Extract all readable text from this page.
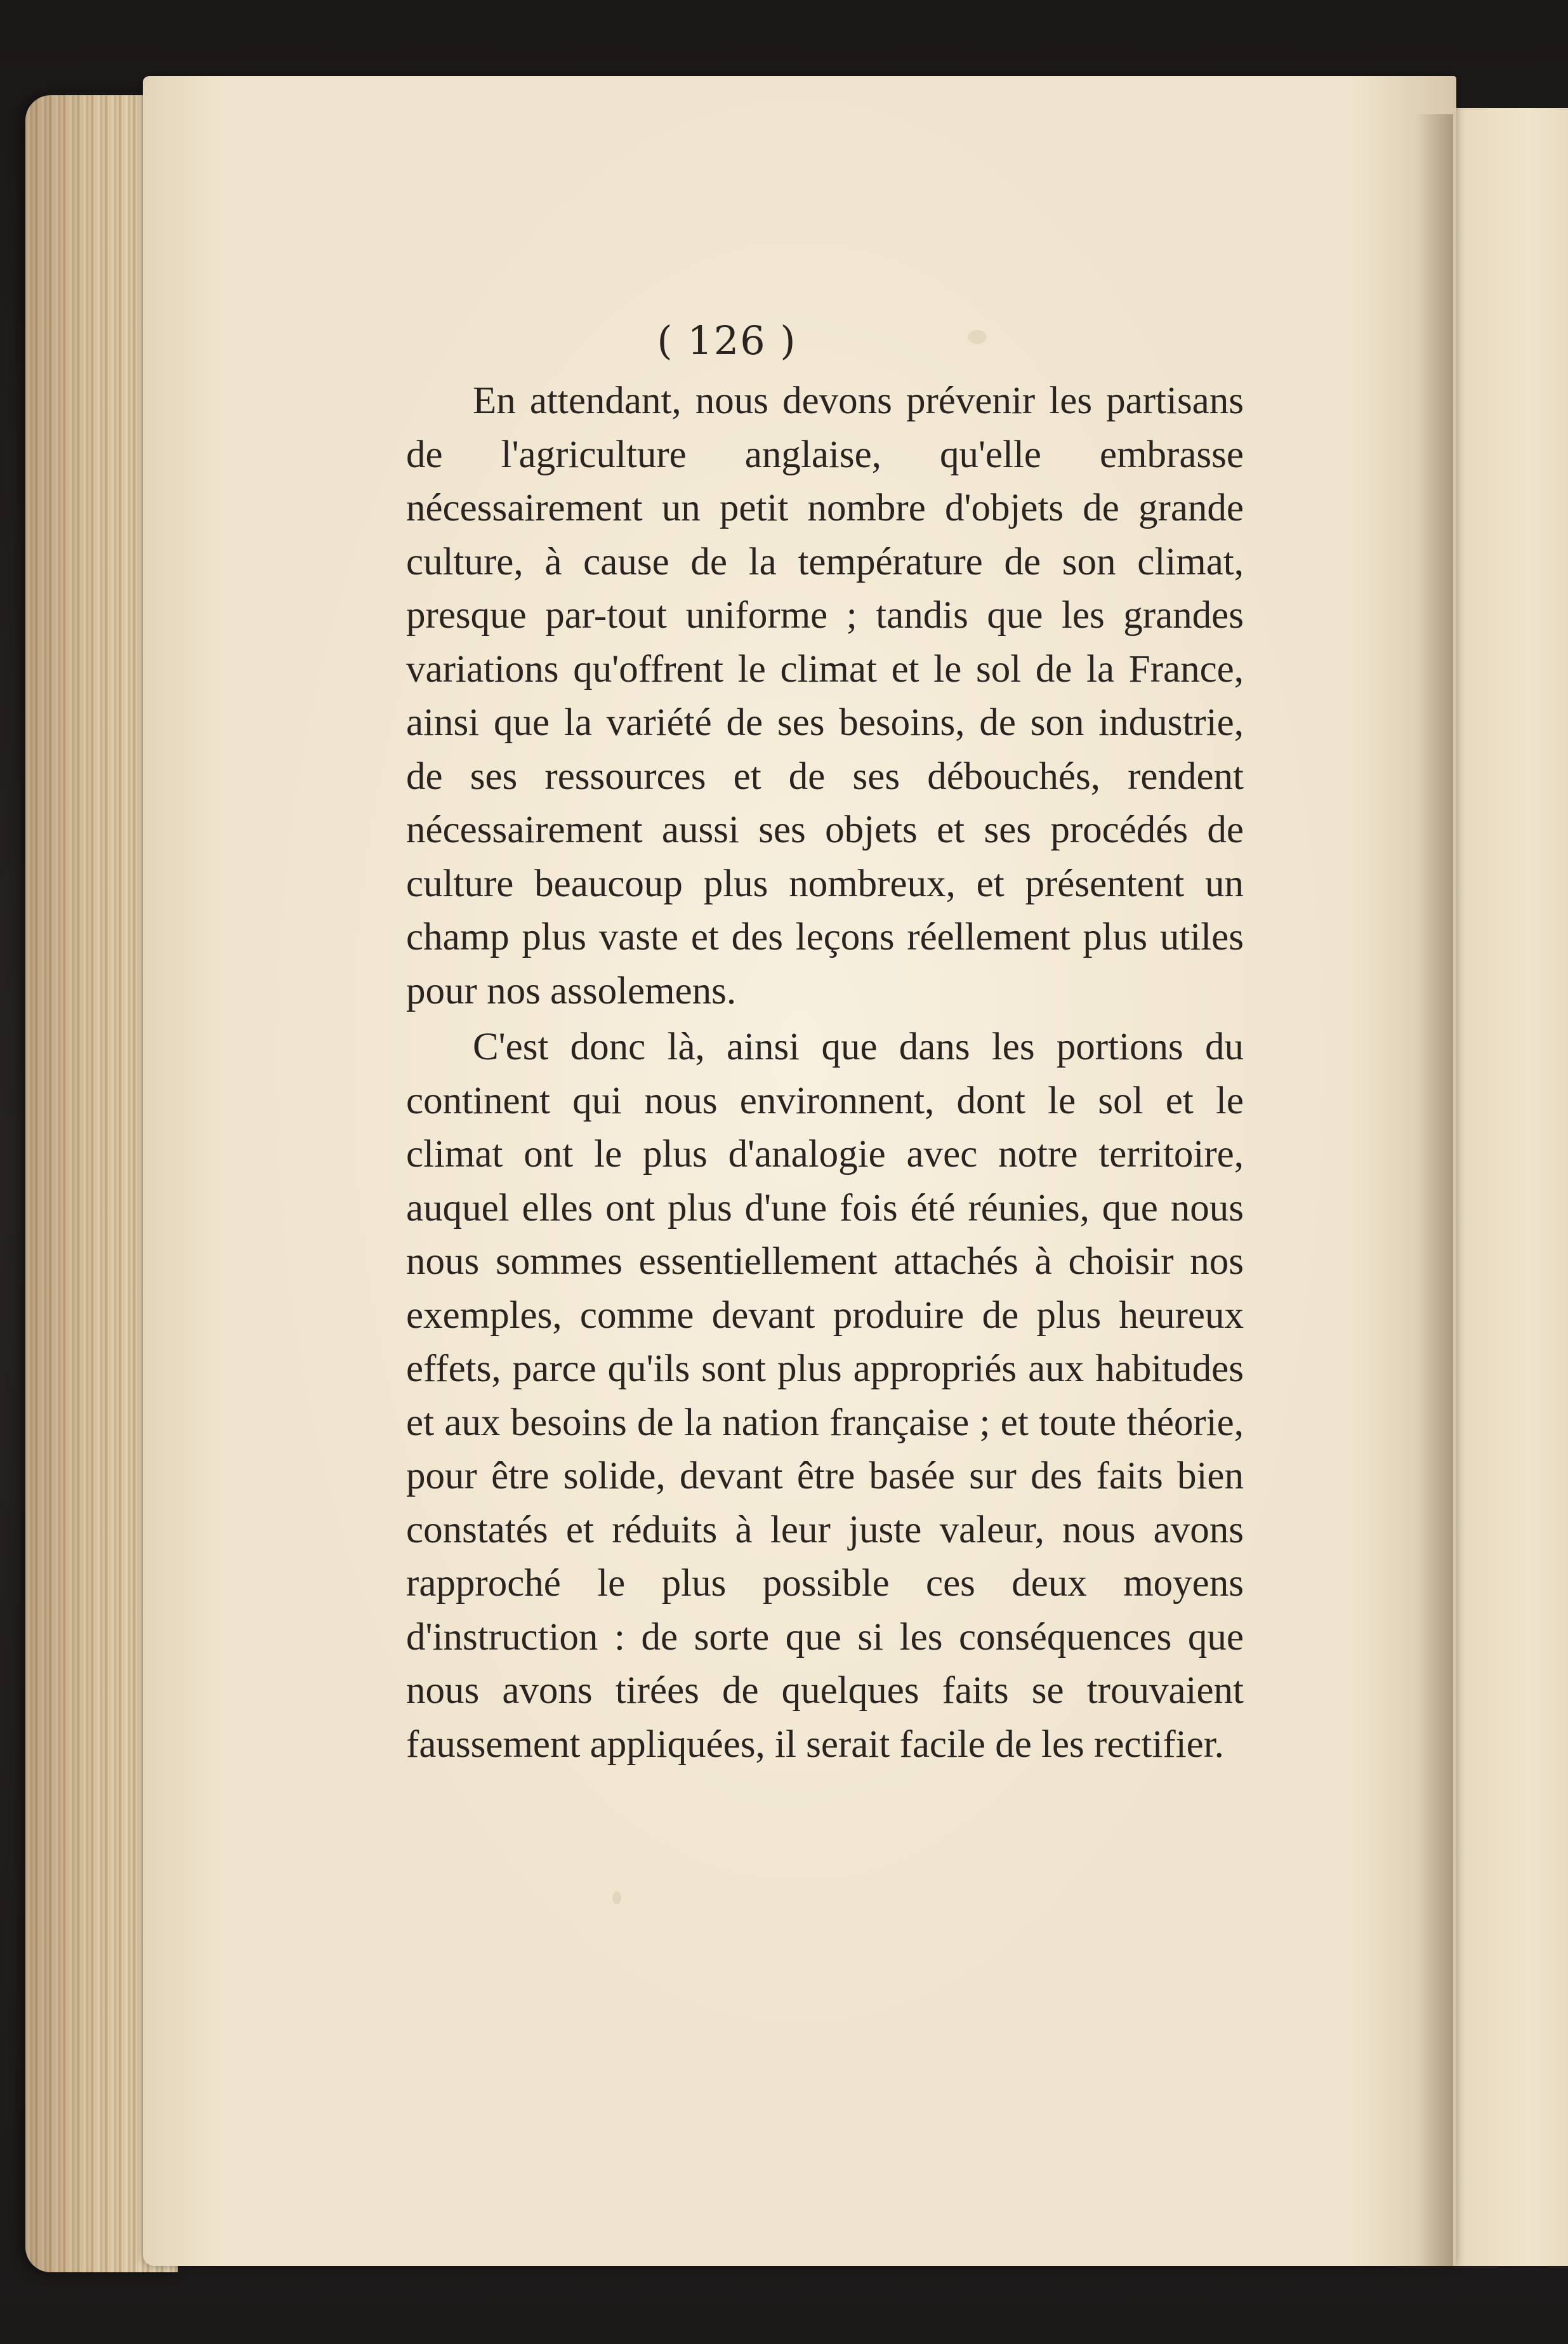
( 126 )

En attendant, nous devons prévenir les partisans de l'agriculture anglaise, qu'elle embrasse nécessairement un petit nombre d'objets de grande culture, à cause de la température de son climat, presque par-tout uniforme ; tandis que les grandes variations qu'offrent le climat et le sol de la France, ainsi que la variété de ses besoins, de son industrie, de ses ressources et de ses débouchés, rendent nécessairement aussi ses objets et ses procédés de culture beaucoup plus nombreux, et présentent un champ plus vaste et des leçons réellement plus utiles pour nos assolemens.

C'est donc là, ainsi que dans les portions du continent qui nous environnent, dont le sol et le climat ont le plus d'analogie avec notre territoire, auquel elles ont plus d'une fois été réunies, que nous nous sommes essentiellement attachés à choisir nos exemples, comme devant produire de plus heureux effets, parce qu'ils sont plus appropriés aux habitudes et aux besoins de la nation française ; et toute théorie, pour être solide, devant être basée sur des faits bien constatés et réduits à leur juste valeur, nous avons rapproché le plus possible ces deux moyens d'instruction : de sorte que si les conséquences que nous avons tirées de quelques faits se trouvaient faussement appliquées, il serait facile de les rectifier.
